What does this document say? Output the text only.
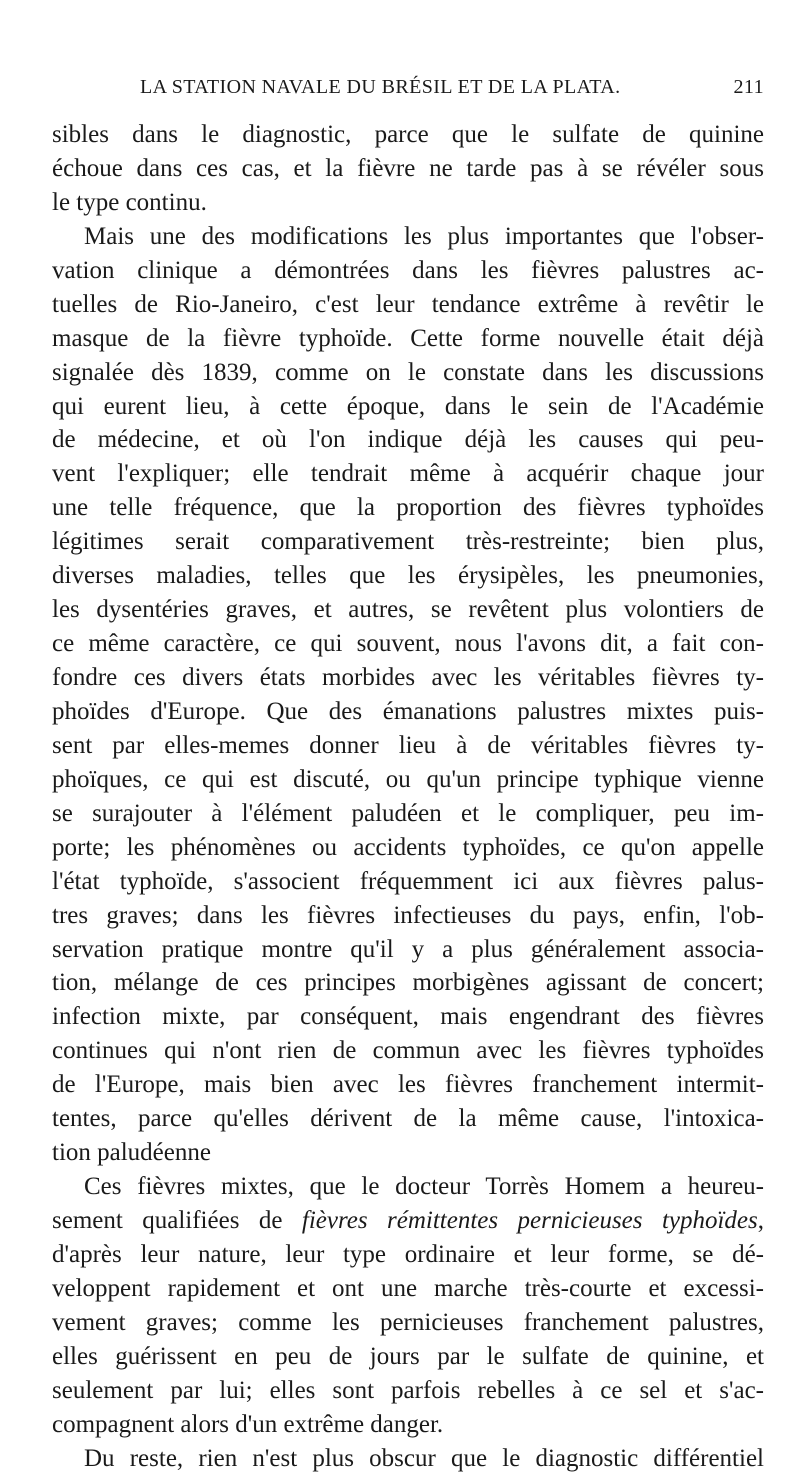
LA STATION NAVALE DU BRÉSIL ET DE LA PLATA.	211
sibles dans le diagnostic, parce que le sulfate de quinine
échoue dans ces cas, et la fièvre ne tarde pas à se révéler sous
le type continu.
Mais une des modifications les plus importantes que l'obser-
vation clinique a démontrées dans les fièvres palustres ac-
tuelles de Rio-Janeiro, c'est leur tendance extrême à revêtir le
masque de la fièvre typhoïde. Cette forme nouvelle était déjà
signalée dès 1839, comme on le constate dans les discussions
qui eurent lieu, à cette époque, dans le sein de l'Académie
de médecine, et où l'on indique déjà les causes qui peu-
vent l'expliquer; elle tendrait même à acquérir chaque jour
une telle fréquence, que la proportion des fièvres typhoïdes
légitimes serait comparativement très-restreinte; bien plus,
diverses maladies, telles que les érysipèles, les pneumonies,
les dysentéries graves, et autres, se revêtent plus volontiers de
ce même caractère, ce qui souvent, nous l'avons dit, a fait con-
fondre ces divers états morbides avec les véritables fièvres ty-
phoïdes d'Europe. Que des émanations palustres mixtes puis-
sent par elles-memes donner lieu à de véritables fièvres ty-
phoïques, ce qui est discuté, ou qu'un principe typhique vienne
se surajouter à l'élément paludéen et le compliquer, peu im-
porte; les phénomènes ou accidents typhoïdes, ce qu'on appelle
l'état typhoïde, s'associent fréquemment ici aux fièvres palus-
tres graves; dans les fièvres infectieuses du pays, enfin, l'ob-
servation pratique montre qu'il y a plus généralement associa-
tion, mélange de ces principes morbigènes agissant de concert;
infection mixte, par conséquent, mais engendrant des fièvres
continues qui n'ont rien de commun avec les fièvres typhoïdes
de l'Europe, mais bien avec les fièvres franchement intermit-
tentes, parce qu'elles dérivent de la même cause, l'intoxica-
tion paludéenne
Ces fièvres mixtes, que le docteur Torrès Homem a heureu-
sement qualifiées de fièvres rémittentes pernicieuses typhoïdes,
d'après leur nature, leur type ordinaire et leur forme, se dé-
veloppent rapidement et ont une marche très-courte et excessi-
vement graves; comme les pernicieuses franchement palustres,
elles guérissent en peu de jours par le sulfate de quinine, et
seulement par lui; elles sont parfois rebelles à ce sel et s'ac-
compagnent alors d'un extrême danger.
Du reste, rien n'est plus obscur que le diagnostic différentiel
